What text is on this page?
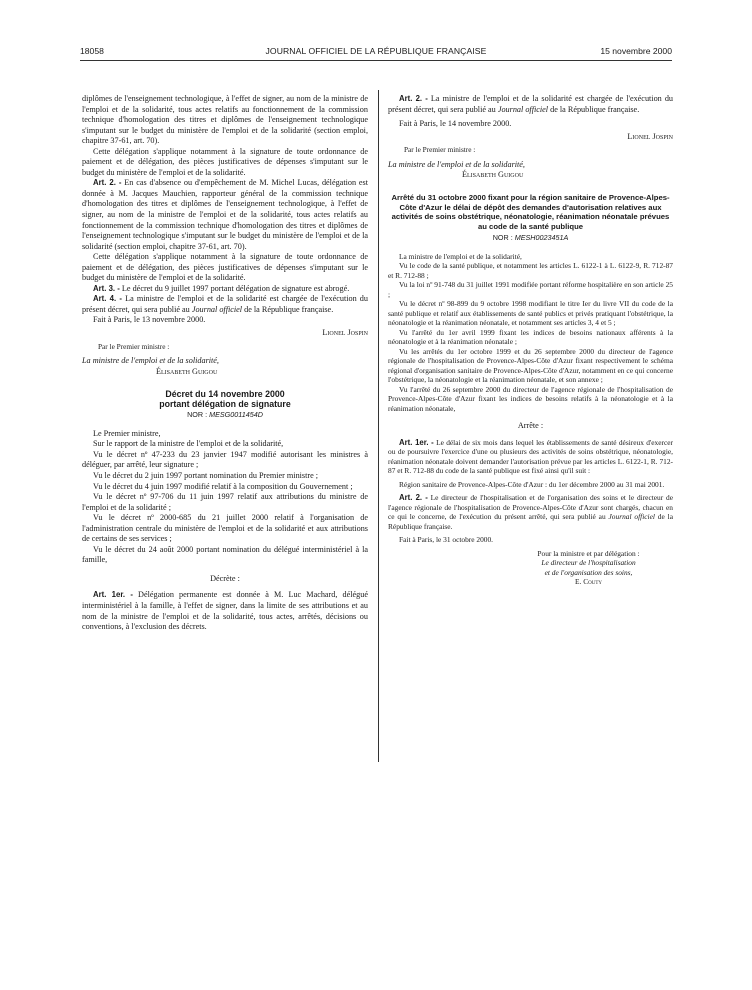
18058	JOURNAL OFFICIEL DE LA RÉPUBLIQUE FRANÇAISE	15 novembre 2000

diplômes de l'enseignement technologique, à l'effet de signer, au nom de la ministre de l'emploi et de la solidarité, tous actes relatifs au fonctionnement de la commission technique d'homologation des titres et diplômes de l'enseignement technologique s'imputant sur le budget du ministère de l'emploi et de la solidarité (section emploi, chapitre 37-61, art. 70).

Cette délégation s'applique notamment à la signature de toute ordonnance de paiement et de délégation, des pièces justificatives de dépenses s'imputant sur le budget du ministère de l'emploi et de la solidarité.

Art. 2. - En cas d'absence ou d'empêchement de M. Michel Lucas, délégation est donnée à M. Jacques Mauchien, rapporteur général de la commission technique d'homologation des titres et diplômes de l'enseignement technologique, à l'effet de signer, au nom de la ministre de l'emploi et de la solidarité, tous actes relatifs au fonctionnement de la commission technique d'homologation des titres et diplômes de l'enseignement technologique s'imputant sur le budget du ministère de l'emploi et de la solidarité (section emploi, chapitre 37-61, art. 70).

Cette délégation s'applique notamment à la signature de toute ordonnance de paiement et de délégation, des pièces justificatives de dépenses s'imputant sur le budget du ministère de l'emploi et de la solidarité.

Art. 3. - Le décret du 9 juillet 1997 portant délégation de signature est abrogé.

Art. 4. - La ministre de l'emploi et de la solidarité est chargée de l'exécution du présent décret, qui sera publié au Journal officiel de la République française.

Fait à Paris, le 13 novembre 2000.

Lionel Jospin

Par le Premier ministre :

La ministre de l'emploi et de la solidarité,

Élisabeth Guigou

Décret du 14 novembre 2000
portant délégation de signature
NOR : MESG0011454D

Le Premier ministre,

Sur le rapport de la ministre de l'emploi et de la solidarité,

Vu le décret nº 47-233 du 23 janvier 1947 modifié autorisant les ministres à déléguer, par arrêté, leur signature ;

Vu le décret du 2 juin 1997 portant nomination du Premier ministre ;

Vu le décret du 4 juin 1997 modifié relatif à la composition du Gouvernement ;

Vu le décret nº 97-706 du 11 juin 1997 relatif aux attributions du ministre de l'emploi et de la solidarité ;

Vu le décret nº 2000-685 du 21 juillet 2000 relatif à l'organisation de l'administration centrale du ministère de l'emploi et de la solidarité et aux attributions de certains de ses services ;

Vu le décret du 24 août 2000 portant nomination du délégué interministériel à la famille,

Décrète :

Art. 1er. - Délégation permanente est donnée à M. Luc Machard, délégué interministériel à la famille, à l'effet de signer, dans la limite de ses attributions et au nom de la ministre de l'emploi et de la solidarité, tous actes, arrêtés, décisions ou conventions, à l'exclusion des décrets.

Art. 2. - La ministre de l'emploi et de la solidarité est chargée de l'exécution du présent décret, qui sera publié au Journal officiel de la République française.

Fait à Paris, le 14 novembre 2000.

Lionel Jospin

Par le Premier ministre :

La ministre de l'emploi et de la solidarité,

Élisabeth Guigou

Arrêté du 31 octobre 2000 fixant pour la région sanitaire de Provence-Alpes-Côte d'Azur le délai de dépôt des demandes d'autorisation relatives aux activités de soins obstétrique, néonatologie, réanimation néonatale prévues au code de la santé publique
NOR : MESH0023451A

La ministre de l'emploi et de la solidarité,

Vu le code de la santé publique, et notamment les articles L. 6122-1 à L. 6122-9, R. 712-87 et R. 712-88 ;

Vu la loi nº 91-748 du 31 juillet 1991 modifiée portant réforme hospitalière en son article 25 ;

Vu le décret nº 98-899 du 9 octobre 1998 modifiant le titre Ier du livre VII du code de la santé publique et relatif aux établissements de santé publics et privés pratiquant l'obstétrique, la néonatologie et la réanimation néonatale, et notamment ses articles 3, 4 et 5 ;

Vu l'arrêté du 1er avril 1999 fixant les indices de besoins nationaux afférents à la néonatologie et à la réanimation néonatale ;

Vu les arrêtés du 1er octobre 1999 et du 26 septembre 2000 du directeur de l'agence régionale de l'hospitalisation de Provence-Alpes-Côte d'Azur fixant respectivement le schéma régional d'organisation sanitaire de Provence-Alpes-Côte d'Azur, notamment en ce qui concerne l'obstétrique, la néonatologie et la réanimation néonatale, et son annexe ;

Vu l'arrêté du 26 septembre 2000 du directeur de l'agence régionale de l'hospitalisation de Provence-Alpes-Côte d'Azur fixant les indices de besoins relatifs à la néonatologie et à la réanimation néonatale,

Arrête :

Art. 1er. - Le délai de six mois dans lequel les établissements de santé désireux d'exercer ou de poursuivre l'exercice d'une ou plusieurs des activités de soins obstétrique, néonatologie, réanimation néonatale doivent demander l'autorisation prévue par les articles L. 6122-1, R. 712-87 et R. 712-88 du code de la santé publique est fixé ainsi qu'il suit :

Région sanitaire de Provence-Alpes-Côte d'Azur : du 1er décembre 2000 au 31 mai 2001.

Art. 2. - Le directeur de l'hospitalisation et de l'organisation des soins et le directeur de l'agence régionale de l'hospitalisation de Provence-Alpes-Côte d'Azur sont chargés, chacun en ce qui le concerne, de l'exécution du présent arrêté, qui sera publié au Journal officiel de la République française.

Fait à Paris, le 31 octobre 2000.

Pour la ministre et par délégation :
Le directeur de l'hospitalisation
et de l'organisation des soins,
E. Couty
